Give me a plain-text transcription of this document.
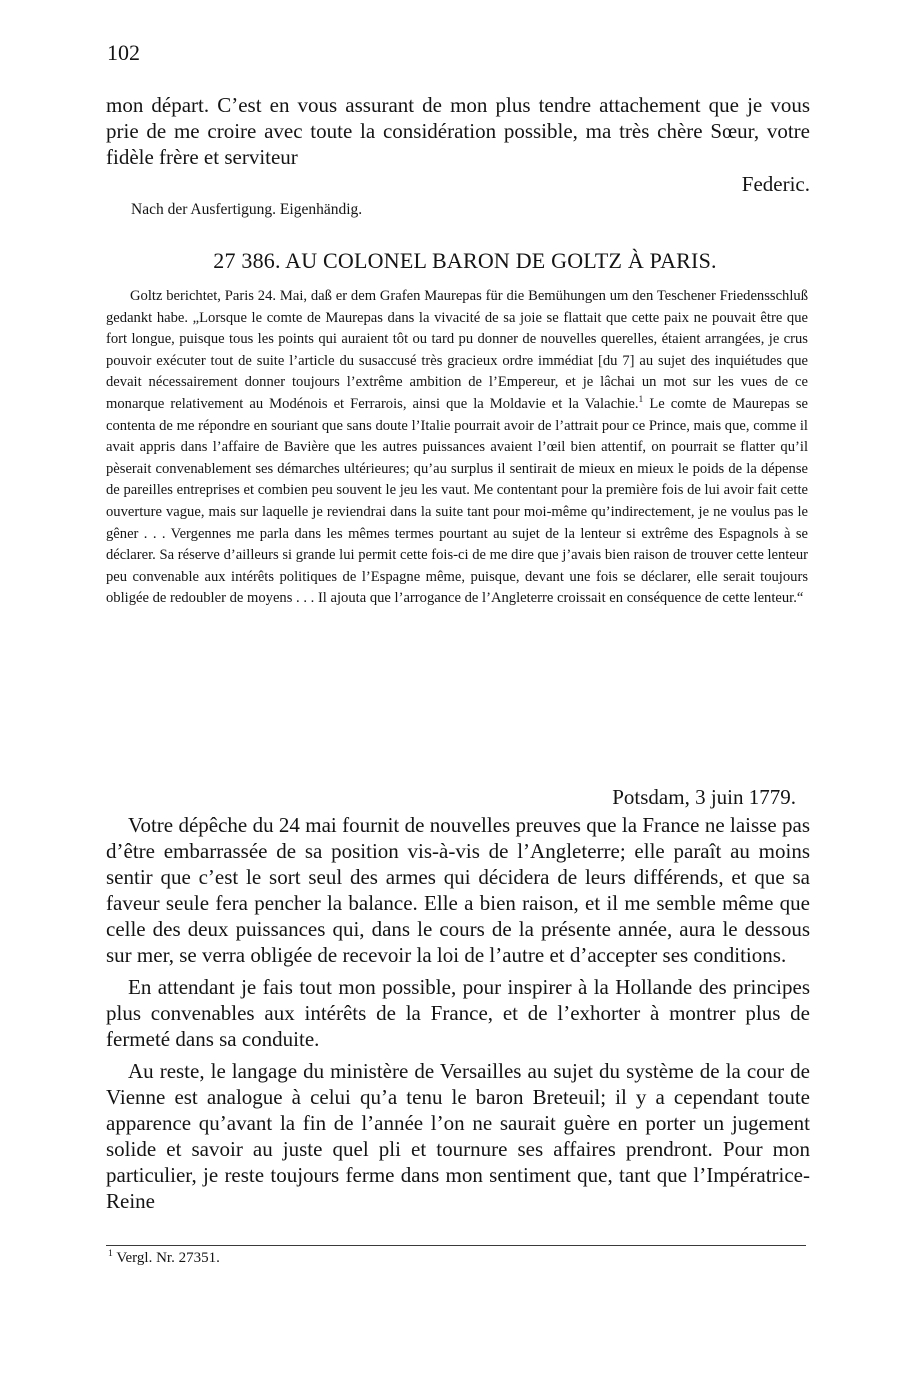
102

mon départ. C’est en vous assurant de mon plus tendre attachement que je vous prie de me croire avec toute la considération possible, ma très chère Sœur, votre fidèle frère et serviteur

Federic.
Nach der Ausfertigung. Eigenhändig.
27 386. AU COLONEL BARON DE GOLTZ À PARIS.

Goltz berichtet, Paris 24. Mai, daß er dem Grafen Maurepas für die Bemühungen um den Teschener Friedensschluß gedankt habe. „Lorsque le comte de Maurepas dans la vivacité de sa joie se flattait que cette paix ne pouvait être que fort longue, puisque tous les points qui auraient tôt ou tard pu donner de nouvelles querelles, étaient arrangées, je crus pouvoir exécuter tout de suite l’article du susaccusé très gracieux ordre immédiat [du 7] au sujet des inquiétudes que devait nécessairement donner toujours l’extrême ambition de l’Empereur, et je lâchai un mot sur les vues de ce monarque relativement au Modénois et Ferrarois, ainsi que la Moldavie et la Valachie.$^1$ Le comte de Maurepas se contenta de me répondre en souriant que sans doute l’Italie pourrait avoir de l’attrait pour ce Prince, mais que, comme il avait appris dans l’affaire de Bavière que les autres puissances avaient l’œil bien attentif, on pourrait se flatter qu’il pèserait convenablement ses démarches ultérieures; qu’au surplus il sentirait de mieux en mieux le poids de la dépense de pareilles entreprises et combien peu souvent le jeu les vaut. Me contentant pour la première fois de lui avoir fait cette ouverture vague, mais sur laquelle je reviendrai dans la suite tant pour moi-même qu’indirectement, je ne voulus pas le gêner . . . Vergennes me parla dans les mêmes termes pourtant au sujet de la lenteur si extrême des Espagnols à se déclarer. Sa réserve d’ailleurs si grande lui permit cette fois-ci de me dire que j’avais bien raison de trouver cette lenteur peu convenable aux intérêts politiques de l’Espagne même, puisque, devant une fois se déclarer, elle serait toujours obligée de redoubler de moyens . . . Il ajouta que l’arrogance de l’Angleterre croissait en conséquence de cette lenteur.“

Potsdam, 3 juin 1779.

Votre dépêche du 24 mai fournit de nouvelles preuves que la France ne laisse pas d’être embarrassée de sa position vis-à-vis de l’Angleterre; elle paraît au moins sentir que c’est le sort seul des armes qui décidera de leurs différends, et que sa faveur seule fera pencher la balance. Elle a bien raison, et il me semble même que celle des deux puissances qui, dans le cours de la présente année, aura le dessous sur mer, se verra obligée de recevoir la loi de l’autre et d’accepter ses conditions.

En attendant je fais tout mon possible, pour inspirer à la Hollande des principes plus convenables aux intérêts de la France, et de l’exhorter à montrer plus de fermeté dans sa conduite.

Au reste, le langage du ministère de Versailles au sujet du système de la cour de Vienne est analogue à celui qu’a tenu le baron Breteuil; il y a cependant toute apparence qu’avant la fin de l’année l’on ne saurait guère en porter un jugement solide et savoir au juste quel pli et tournure ses affaires prendront. Pour mon particulier, je reste toujours ferme dans mon sentiment que, tant que l’Impératrice-Reine

$^1$ Vergl. Nr. 27351.
